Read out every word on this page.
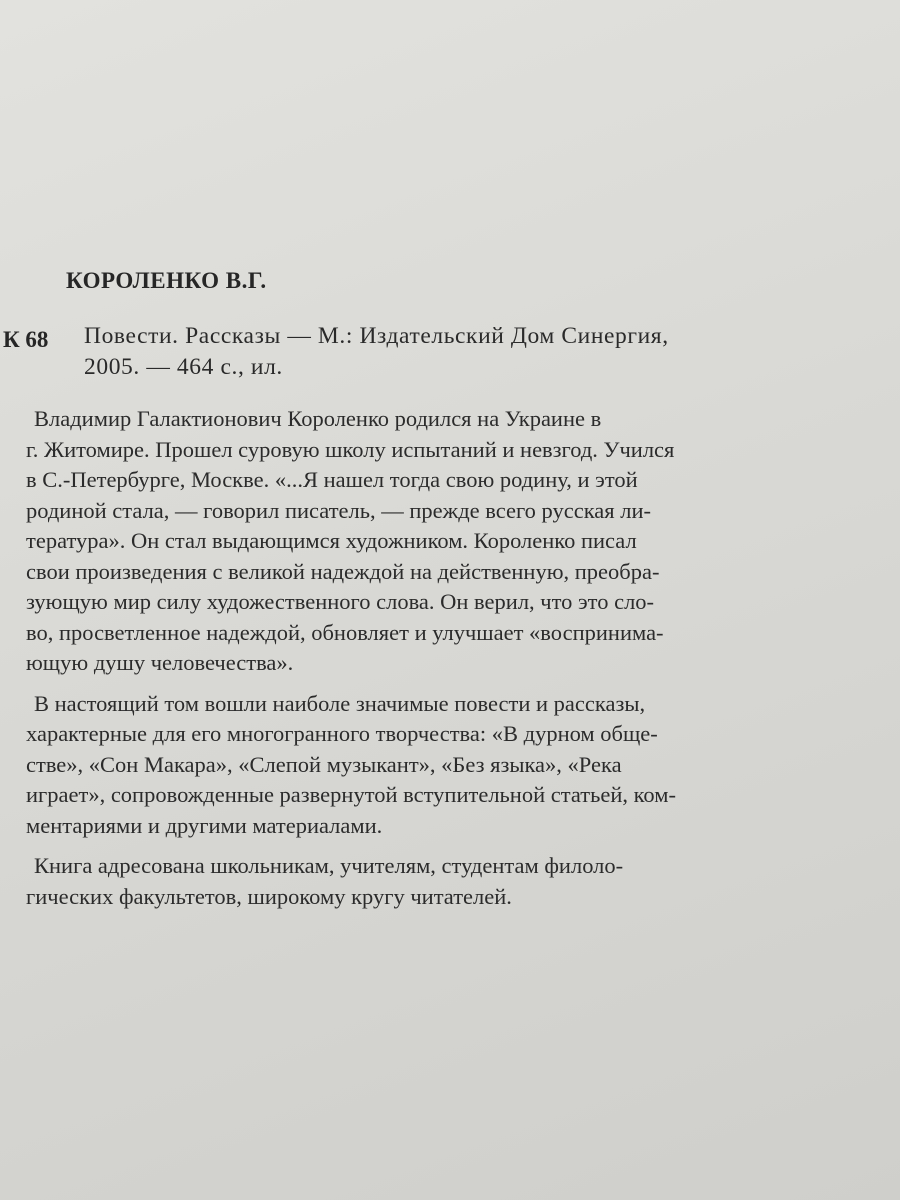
КОРОЛЕНКО В.Г.
К 68 Повести. Рассказы — М.: Издательский Дом Синергия,
2005. — 464 с., ил.

Владимир Галактионович Короленко родился на Украине в
г. Житомире. Прошел суровую школу испытаний и невзгод. Учился
в С.-Петербурге, Москве. «...Я нашел тогда свою родину, и этой
родиной стала, — говорил писатель, — прежде всего русская ли-
тература». Он стал выдающимся художником. Короленко писал
свои произведения с великой надеждой на действенную, преобра-
зующую мир силу художественного слова. Он верил, что это сло-
во, просветленное надеждой, обновляет и улучшает «воспринима-
ющую душу человечества».

В настоящий том вошли наиболе значимые повести и рассказы,
характерные для его многогранного творчества: «В дурном обще-
стве», «Сон Макара», «Слепой музыкант», «Без языка», «Река
играет», сопровожденные развернутой вступительной статьей, ком-
ментариями и другими материалами.

Книга адресована школьникам, учителям, студентам филоло-
гических факультетов, широкому кругу читателей.
